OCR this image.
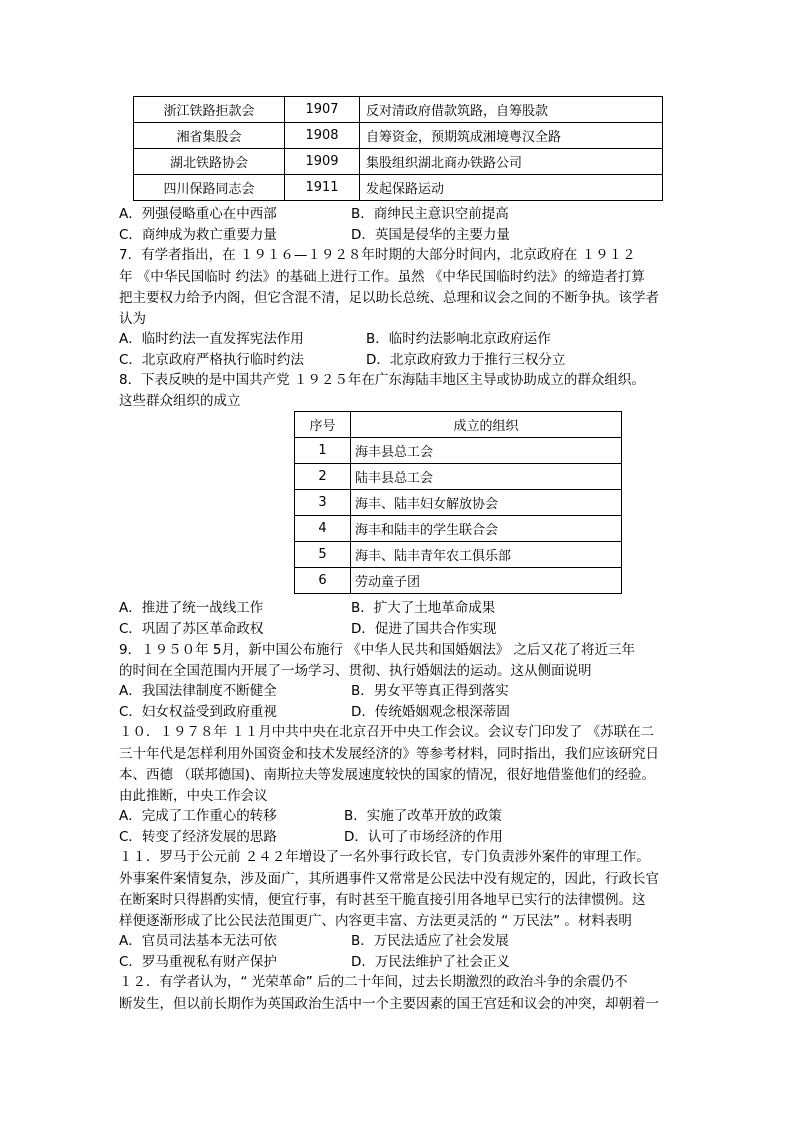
浙江铁路拒款会	1907	反对清政府借款筑路，自筹股款
湘省集股会	1908	自筹资金，预期筑成湘境粤汉全路
湖北铁路协会	1909	集股组织湖北商办铁路公司
四川保路同志会	1911	发起保路运动
A．列强侵略重心在中西部	B．商绅民主意识空前提高
C．商绅成为救亡重要力量	D．英国是侵华的主要力量
7．有学者指出，在 １９１６—１９２８年时期的大部分时间内，北京政府在 １９１２
年 《中华民国临时 约法》的基础上进行工作。虽然 《中华民国临时约法》的缔造者打算
把主要权力给予内阁，但它含混不清，足以助长总统、总理和议会之间的不断争执。该学者
认为
A．临时约法一直发挥宪法作用	B．临时约法影响北京政府运作
C．北京政府严格执行临时约法	D．北京政府致力于推行三权分立
8．下表反映的是中国共产党 １９２５年在广东海陆丰地区主导或协助成立的群众组织。
这些群众组织的成立
序号	成立的组织
1	海丰县总工会
2	陆丰县总工会
3	海丰、陆丰妇女解放协会
4	海丰和陆丰的学生联合会
5	海丰、陆丰青年农工俱乐部
6	劳动童子团
A．推进了统一战线工作	B．扩大了土地革命成果
C．巩固了苏区革命政权	D．促进了国共合作实现
9．１９５０年 5月，新中国公布施行 《中华人民共和国婚姻法》 之后又花了将近三年
的时间在全国范围内开展了一场学习、贯彻、执行婚姻法的运动。这从侧面说明
A．我国法律制度不断健全	B．男女平等真正得到落实
C．妇女权益受到政府重视	D．传统婚姻观念根深蒂固
１０．１９７８年 １１月中共中央在北京召开中央工作会议。会议专门印发了 《苏联在二
三十年代是怎样利用外国资金和技术发展经济的》等参考材料，同时指出，我们应该研究日
本、西德 （联邦德国)、南斯拉夫等发展速度较快的国家的情况，很好地借鉴他们的经验。
由此推断，中央工作会议
A．完成了工作重心的转移	B．实施了改革开放的政策
C．转变了经济发展的思路	D．认可了市场经济的作用
１１．罗马于公元前 ２４２年增设了一名外事行政长官，专门负责涉外案件的审理工作。
外事案件案情复杂，涉及面广，其所遇事件又常常是公民法中没有规定的，因此，行政长官
在断案时只得斟酌实情，便宜行事，有时甚至干脆直接引用各地早已实行的法律惯例。这
样便逐渐形成了比公民法范围更广、内容更丰富、方法更灵活的 “ 万民法” 。材料表明
A．官员司法基本无法可依	B．万民法适应了社会发展
C．罗马重视私有财产保护	D．万民法维护了社会正义
１２．有学者认为，“ 光荣革命” 后的二十年间，过去长期激烈的政治斗争的余震仍不
断发生，但以前长期作为英国政治生活中一个主要因素的国王宫廷和议会的冲突，却朝着一
